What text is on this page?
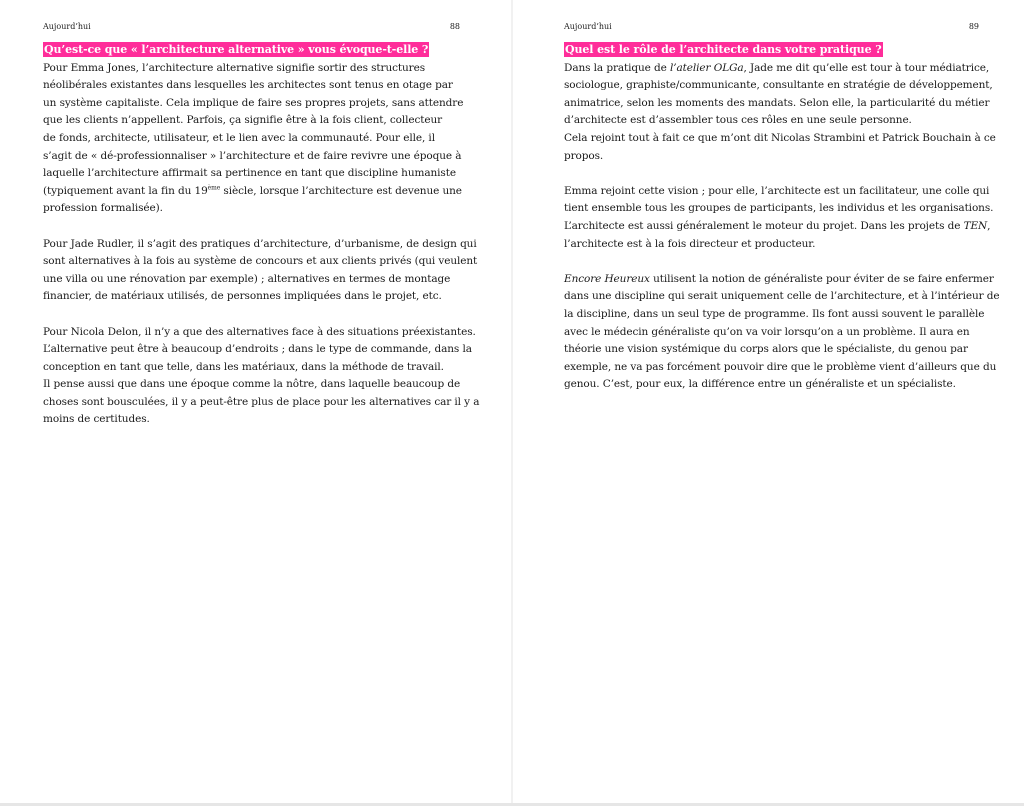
Aujourd’hui	88
Qu’est-ce que « l’architecture alternative » vous évoque-t-elle ?
Pour Emma Jones, l’architecture alternative signifie sortir des structures
néolibérales existantes dans lesquelles les architectes sont tenus en otage par
un système capitaliste. Cela implique de faire ses propres projets, sans attendre
que les clients n’appellent. Parfois, ça signifie être à la fois client, collecteur
de fonds, architecte, utilisateur, et le lien avec la communauté. Pour elle, il
s’agit de « dé-professionnaliser » l’architecture et de faire revivre une époque à
laquelle l’architecture affirmait sa pertinence en tant que discipline humaniste
(typiquement avant la fin du 19ème siècle, lorsque l’architecture est devenue une
profession formalisée).
Pour Jade Rudler, il s’agit des pratiques d’architecture, d’urbanisme, de design qui
sont alternatives à la fois au système de concours et aux clients privés (qui veulent
une villa ou une rénovation par exemple) ; alternatives en termes de montage
financier, de matériaux utilisés, de personnes impliquées dans le projet, etc.
Pour Nicola Delon, il n’y a que des alternatives face à des situations préexistantes.
L’alternative peut être à beaucoup d’endroits ; dans le type de commande, dans la
conception en tant que telle, dans les matériaux, dans la méthode de travail.
Il pense aussi que dans une époque comme la nôtre, dans laquelle beaucoup de
choses sont bousculées, il y a peut-être plus de place pour les alternatives car il y a
moins de certitudes.
Aujourd’hui	89
Quel est le rôle de l’architecte dans votre pratique ?
Dans la pratique de l’atelier OLGa, Jade me dit qu’elle est tour à tour médiatrice,
sociologue, graphiste/communicante, consultante en stratégie de développement,
animatrice, selon les moments des mandats. Selon elle, la particularité du métier
d’architecte est d’assembler tous ces rôles en une seule personne.
Cela rejoint tout à fait ce que m’ont dit Nicolas Strambini et Patrick Bouchain à ce
propos.
Emma rejoint cette vision ; pour elle, l’architecte est un facilitateur, une colle qui
tient ensemble tous les groupes de participants, les individus et les organisations.
L’architecte est aussi généralement le moteur du projet. Dans les projets de TEN,
l’architecte est à la fois directeur et producteur.
Encore Heureux utilisent la notion de généraliste pour éviter de se faire enfermer
dans une discipline qui serait uniquement celle de l’architecture, et à l’intérieur de
la discipline, dans un seul type de programme. Ils font aussi souvent le parallèle
avec le médecin généraliste qu’on va voir lorsqu’on a un problème. Il aura en
théorie une vision systémique du corps alors que le spécialiste, du genou par
exemple, ne va pas forcément pouvoir dire que le problème vient d’ailleurs que du
genou. C’est, pour eux, la différence entre un généraliste et un spécialiste.
